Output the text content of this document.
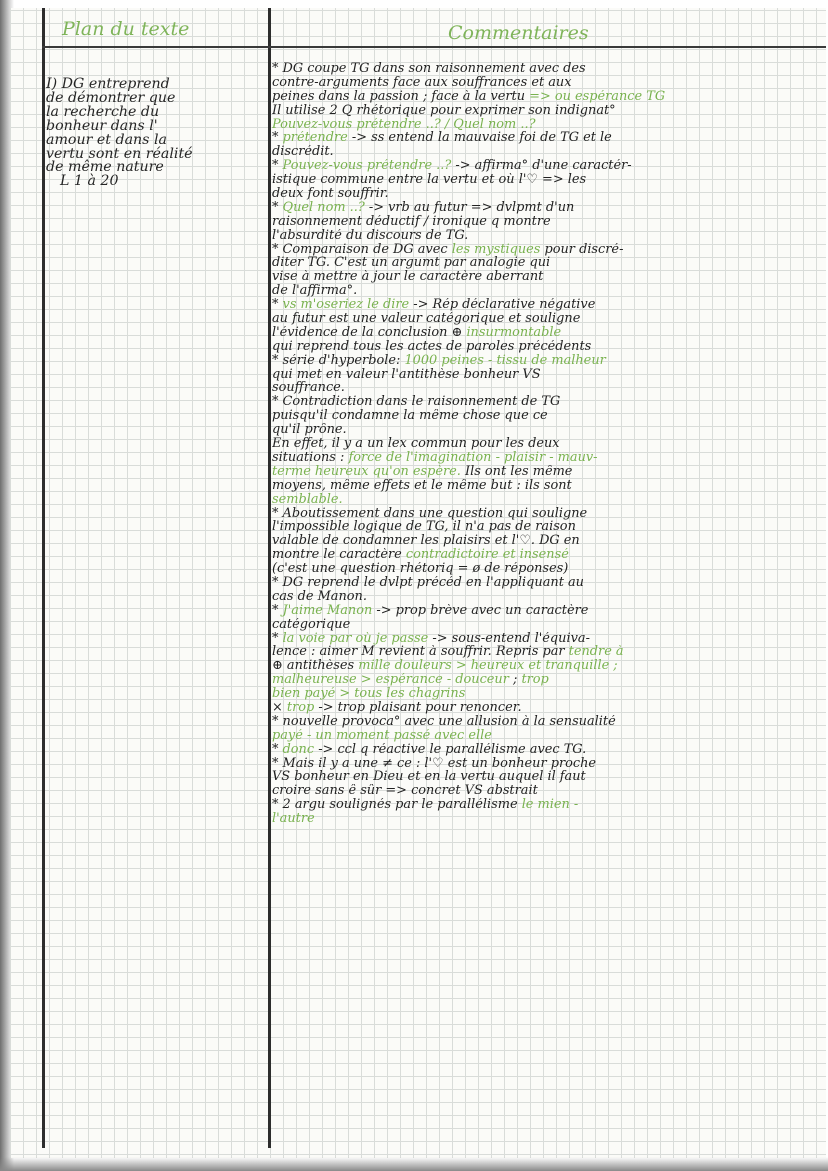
Plan du texte	Commentaires
I) DG entreprend
de démontrer que
la recherche du
bonheur dans l'
amour et dans la
vertu sont en réalité
de même nature
L 1 à 20
* DG coupe TG dans son raisonnement avec des
contre-arguments face aux souffrances et aux
peines dans la passion ; face à la vertu => ou espérance TG
Il utilise 2 Q rhétorique pour exprimer son indignat°
Pouvez-vous prétendre ..? / Quel nom ..?
* prétendre -> ss entend la mauvaise foi de TG et le
discrédit.
* Pouvez-vous prétendre ..? -> affirma° d'une caractér-
istique commune entre la vertu et où l'♡ => les
deux font souffrir.
* Quel nom ..? -> vrb au futur => dvlpmt d'un
raisonnement déductif / ironique q montre
l'absurdité du discours de TG.
* Comparaison de DG avec les mystiques pour discré-
diter TG. C'est un argumt par analogie qui
vise à mettre à jour le caractère aberrant
de l'affirma°.
* vs m'oseriez le dire -> Rép déclarative négative
au futur est une valeur catégorique et souligne
l'évidence de la conclusion ⊕ insurmontable
qui reprend tous les actes de paroles précédents
* série d'hyperbole: 1000 peines - tissu de malheur
qui met en valeur l'antithèse bonheur VS
souffrance.
* Contradiction dans le raisonnement de TG
puisqu'il condamne la même chose que ce
qu'il prône.
En effet, il y a un lex commun pour les deux
situations : force de l'imagination - plaisir - mauv-
terme heureux qu'on espère. Ils ont les même
moyens, même effets et le même but : ils sont
semblable.
* Aboutissement dans une question qui souligne
l'impossible logique de TG, il n'a pas de raison
valable de condamner les plaisirs et l'♡. DG en
montre le caractère contradictoire et insensé
(c'est une question rhétoriq = ø de réponses)
* DG reprend le dvlpt précéd en l'appliquant au
cas de Manon.
* J'aime Manon -> prop brève avec un caractère
catégorique
* la voie par où je passe -> sous-entend l'équiva-
lence : aimer M revient à souffrir. Repris par tendre à
⊕ antithèses mille douleurs > heureux et tranquille ;
malheureuse > espérance - douceur ; trop
bien payé > tous les chagrins
× trop -> trop plaisant pour renoncer.
* nouvelle provoca° avec une allusion à la sensualité
payé - un moment passé avec elle
* donc -> ccl q réactive le parallélisme avec TG.
* Mais il y a une ≠ ce : l'♡ est un bonheur proche
VS bonheur en Dieu et en la vertu auquel il faut
croire sans ê sûr => concret VS abstrait
* 2 argu soulignés par le parallélisme le mien -
l'autre
